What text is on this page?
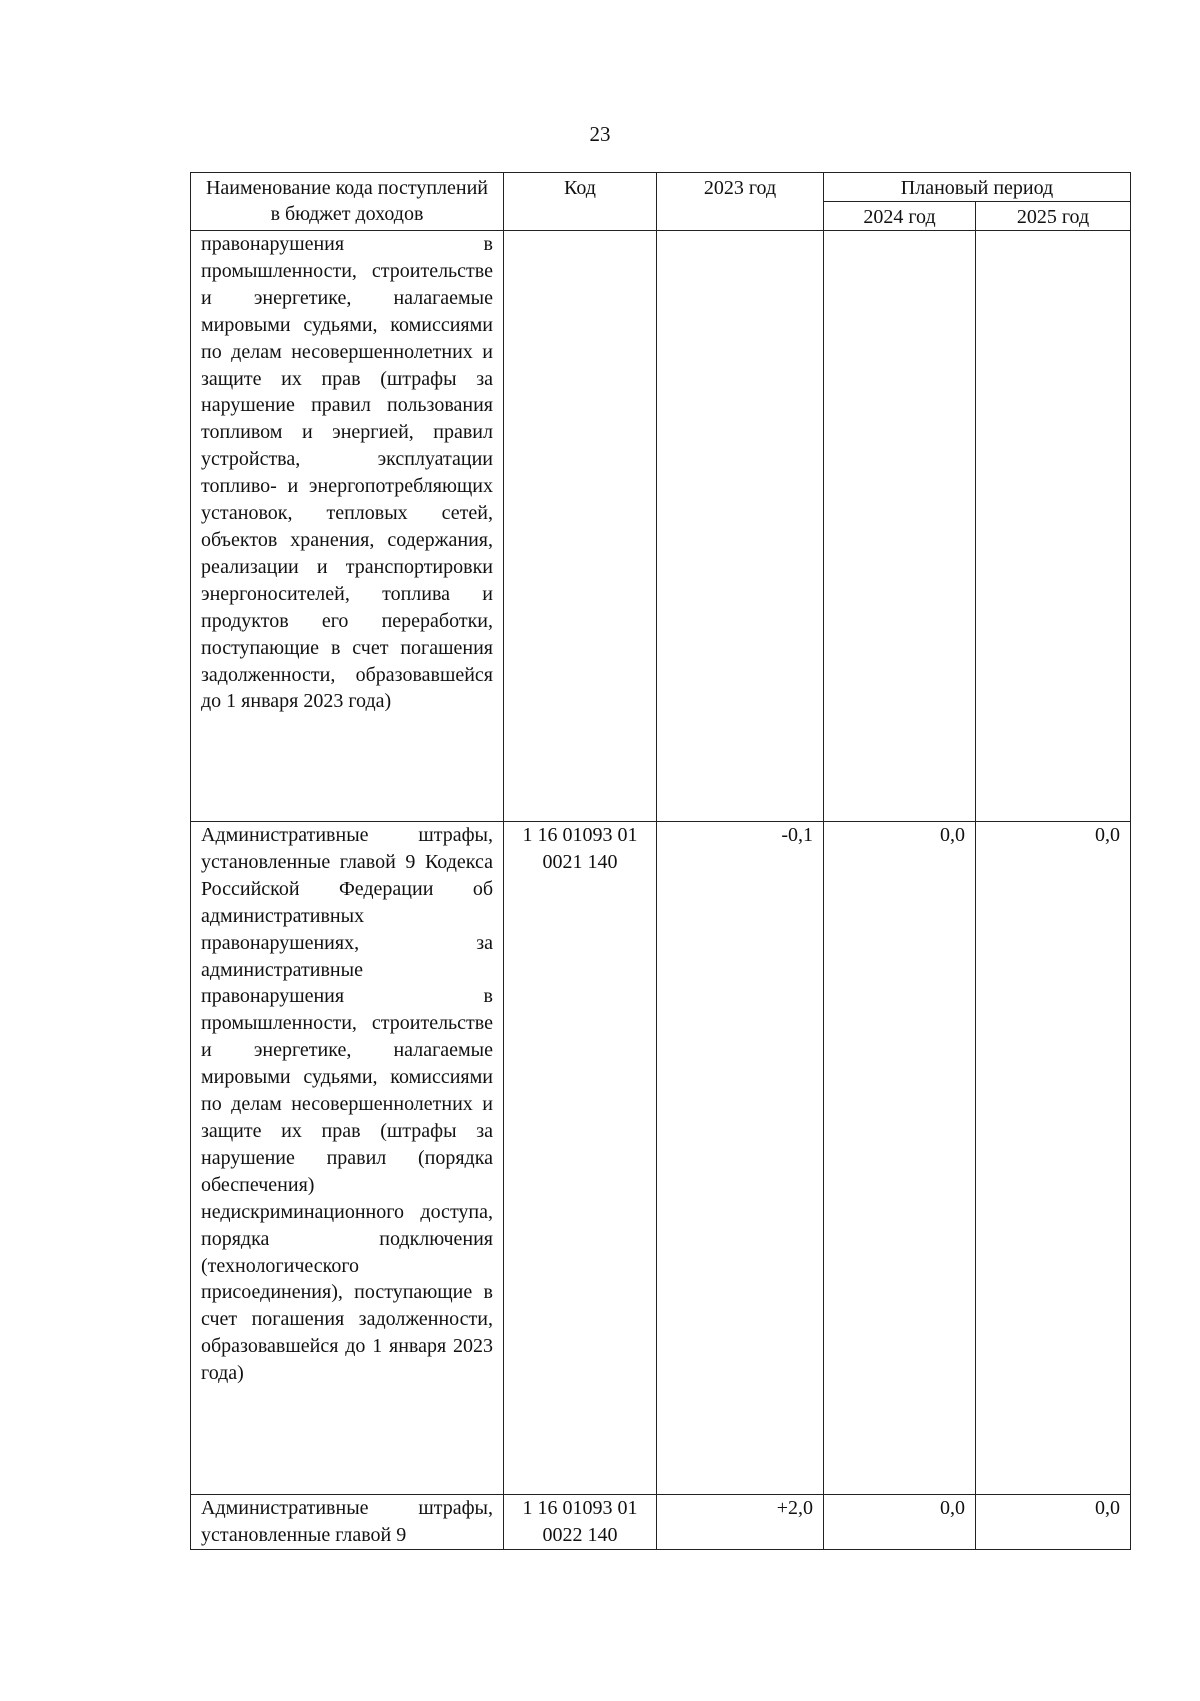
23
Наименование кода поступлений в бюджет доходов	Код	2023 год	Плановый период	
			2024 год	2025 год
правонарушения в промышленности, строительстве и энергетике, налагаемые мировыми судьями, комиссиями по делам несовершеннолетних и защите их прав (штрафы за нарушение правил пользования топливом и энергией, правил устройства, эксплуатации топливо- и энергопотребляющих установок, тепловых сетей, объектов хранения, содержания, реализации и транспортировки энергоносителей, топлива и продуктов его переработки, поступающие в счет погашения задолженности, образовавшейся до 1 января 2023 года)				
Административные штрафы, установленные главой 9 Кодекса Российской Федерации об административных правонарушениях, за административные правонарушения в промышленности, строительстве и энергетике, налагаемые мировыми судьями, комиссиями по делам несовершеннолетних и защите их прав (штрафы за нарушение правил (порядка обеспечения) недискриминационного доступа, порядка подключения (технологического присоединения), поступающие в счет погашения задолженности, образовавшейся до 1 января 2023 года)	1 16 01093 01 0021 140	-0,1	0,0	0,0
Административные штрафы, установленные главой 9	1 16 01093 01 0022 140	+2,0	0,0	0,0
